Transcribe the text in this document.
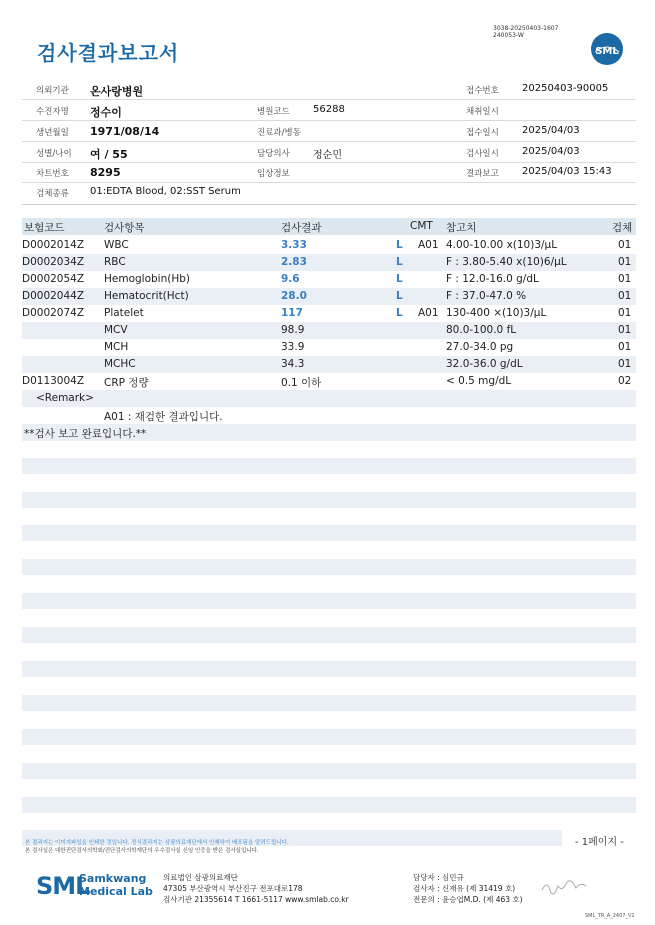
검사결과보고서
3038-20250403-1607
240053-W
SML
의뢰기관 온사랑병원	접수번호 20250403-90005
수진자명 정수이	병원코드 56288	채취일시
생년월일 1971/08/14	진료과/병동	접수일시 2025/04/03
성별/나이 여 / 55	담당의사 정순민	검사일시 2025/04/03
차트번호 8295	임상정보	결과보고 2025/04/03 15:43
검체종류 01:EDTA Blood, 02:SST Serum
보험코드	검사항목	검사결과	CMT 참고치	검체
D0002014Z WBC	3.33	L A01 4.00-10.00 x(10)3/μL	01
D0002034Z RBC	2.83	L	F : 3.80-5.40 x(10)6/μL	01
D0002054Z Hemoglobin(Hb)	9.6	L	F : 12.0-16.0 g/dL	01
D0002044Z Hematocrit(Hct)	28.0	L	F : 37.0-47.0 %	01
D0002074Z Platelet	117	L A01 130-400 ×(10)3/μL	01
MCV	98.9	80.0-100.0 fL	01
MCH	33.9	27.0-34.0 pg	01
MCHC	34.3	32.0-36.0 g/dL	01
D0113004Z CRP 정량	0.1 이하	< 0.5 mg/dL	02
<Remark>
A01 : 재검한 결과입니다.
**검사 보고 완료입니다.**
- 1페이지 -
본 결과지는 이미지파일을 인쇄한 것입니다. 정식결과지는 삼광의료재단에서 인쇄하여 배포됨을 알려드립니다.
본 검사실은 대한진단검사의학회/진단검사의학재단의 우수검사실 신임 인증을 받은 검사실입니다.
SML
Samkwang
Medical Lab
의료법인 삼광의료재단
47305 부산광역시 부산진구 전포대로178
검사기관 21355614 T 1661-5117 www.smlab.co.kr
담당자 : 심민규
검사자 : 신재유 (제 31419 호)
전문의 : 윤승엽M.D. (제 463 호)
SML_TR_A_2407_V1
